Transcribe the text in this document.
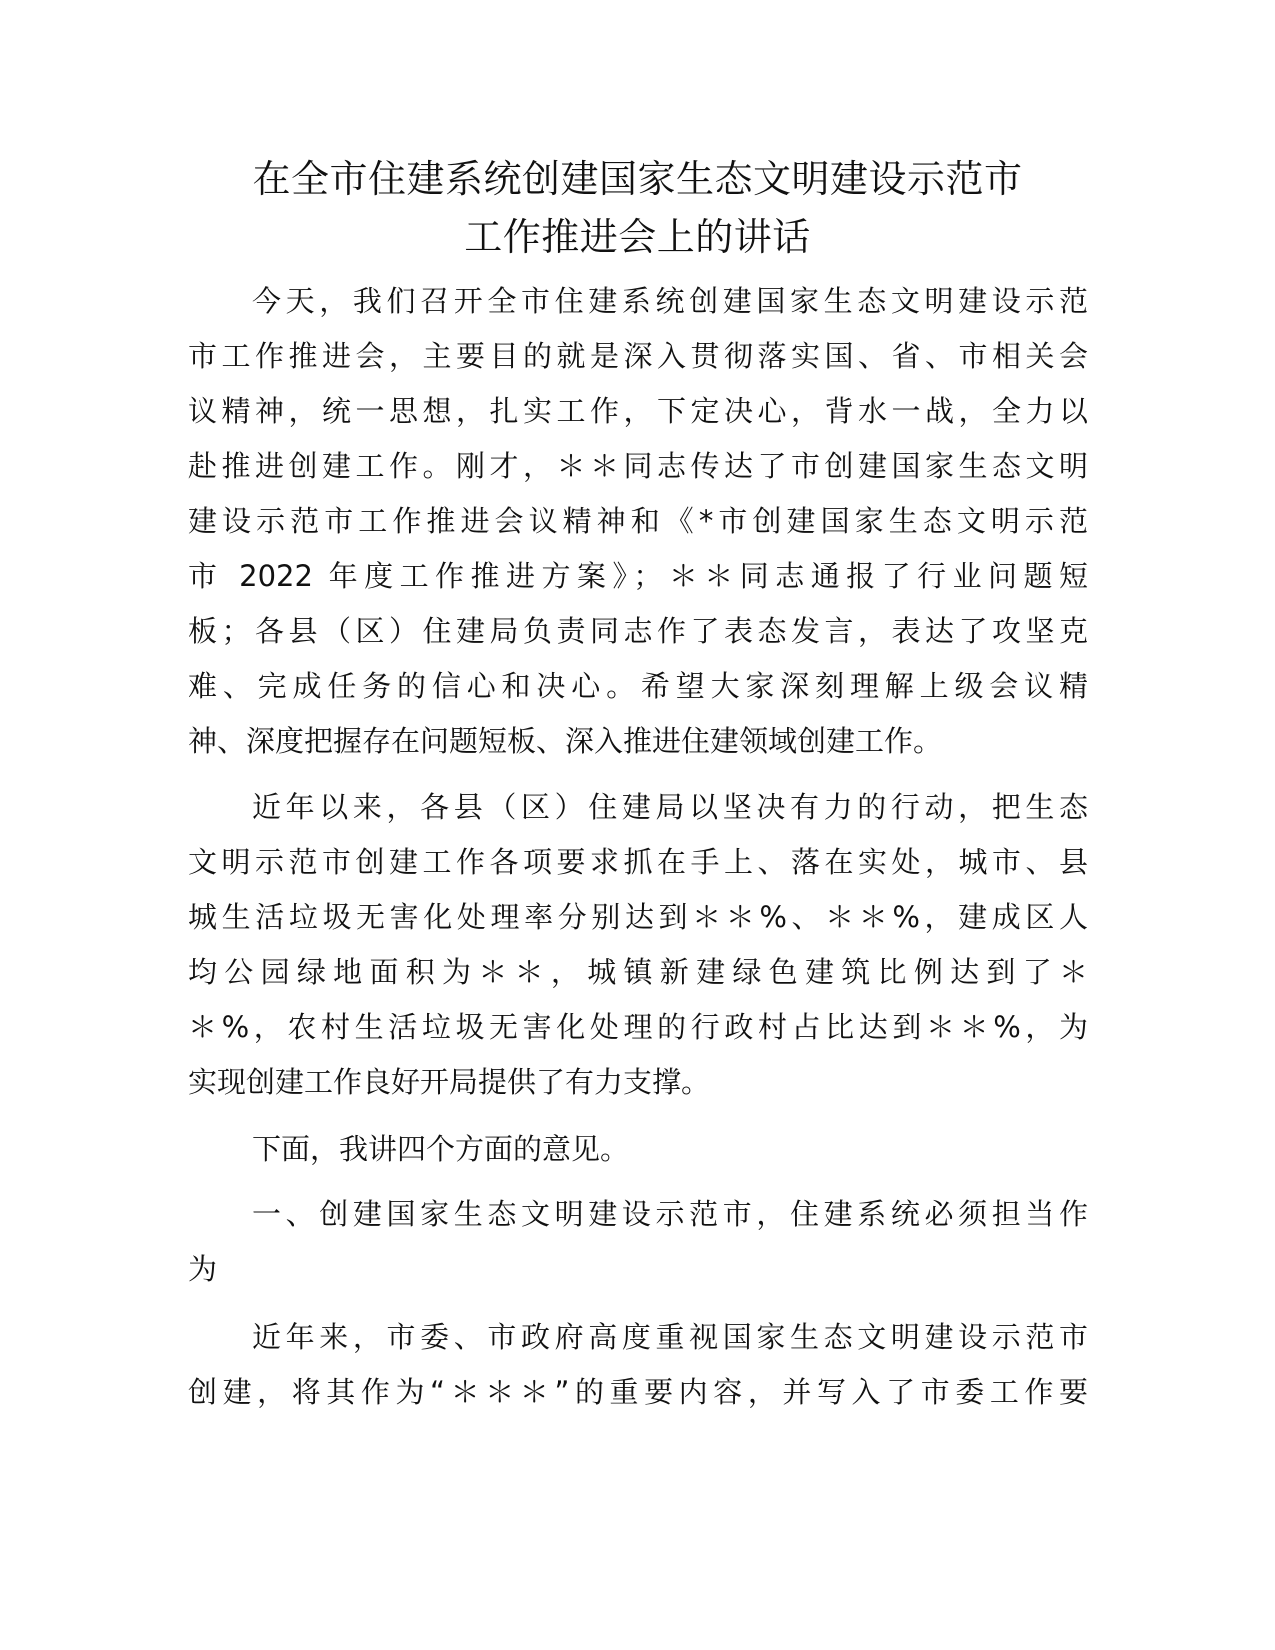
在全市住建系统创建国家生态文明建设示范市
工作推进会上的讲话

今天，我们召开全市住建系统创建国家生态文明建设示范

市工作推进会，主要目的就是深入贯彻落实国、省、市相关会

议精神，统一思想，扎实工作，下定决心，背水一战，全力以

赴推进创建工作。刚才，＊＊同志传达了市创建国家生态文明

建设示范市工作推进会议精神和《*市创建国家生态文明示范

市 2022 年度工作推进方案》；＊＊同志通报了行业问题短

板；各县（区）住建局负责同志作了表态发言，表达了攻坚克

难、完成任务的信心和决心。希望大家深刻理解上级会议精

神、深度把握存在问题短板、深入推进住建领域创建工作。

近年以来，各县（区）住建局以坚决有力的行动，把生态

文明示范市创建工作各项要求抓在手上、落在实处，城市、县

城生活垃圾无害化处理率分别达到＊＊%、＊＊%，建成区人

均公园绿地面积为＊＊，城镇新建绿色建筑比例达到了＊

＊%，农村生活垃圾无害化处理的行政村占比达到＊＊%，为

实现创建工作良好开局提供了有力支撑。

下面，我讲四个方面的意见。

一、创建国家生态文明建设示范市，住建系统必须担当作

为

近年来，市委、市政府高度重视国家生态文明建设示范市

创建，将其作为“＊＊＊”的重要内容，并写入了市委工作要
